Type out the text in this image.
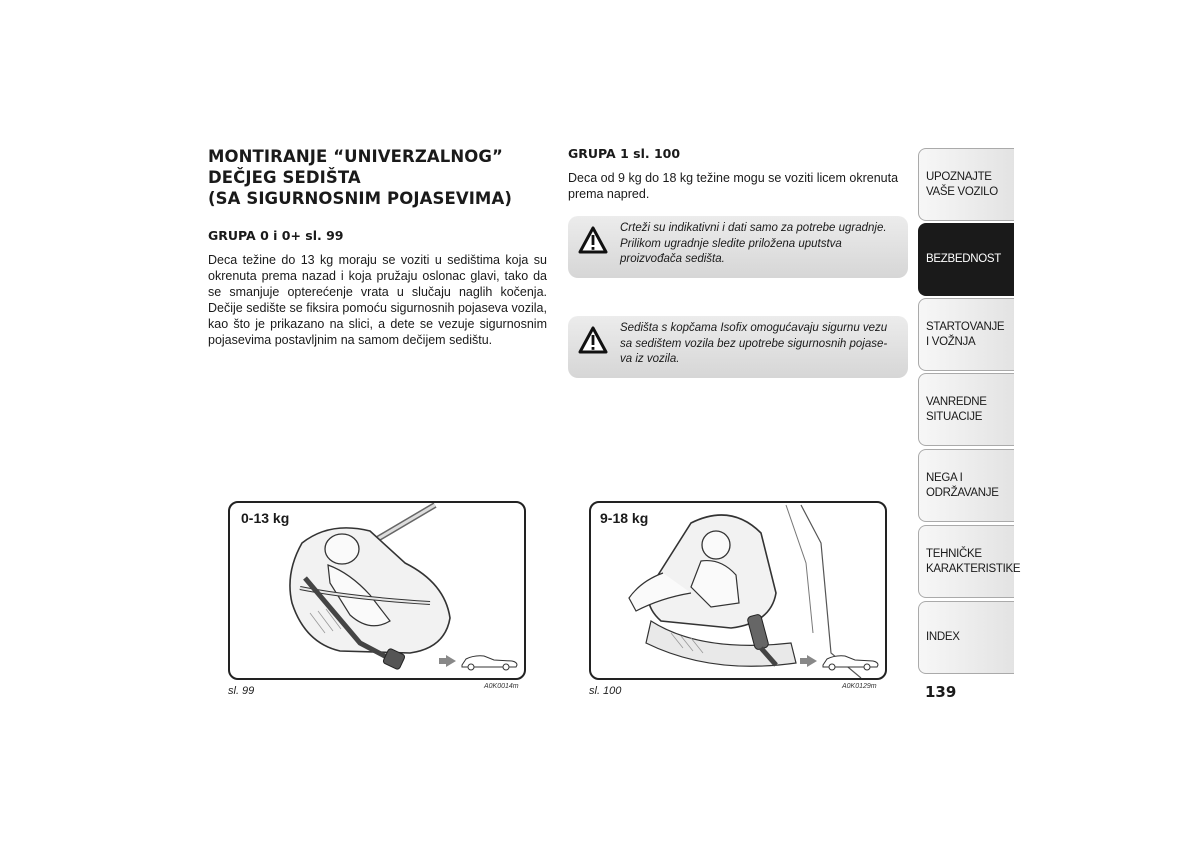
MONTIRANJE “UNIVERZALNOG”
DEČJEG SEDIŠTA
(SA SIGURNOSNIM POJASEVIMA)
GRUPA 0 i 0+ sl. 99

Deca težine do 13 kg moraju se voziti u sedištima koja su okrenuta prema nazad i koja pružaju oslonac glavi, tako da se smanjuje opterećenje vrata u slučaju naglih kočenja. Dečije sedište se fiksira pomoću sigurnosnih pojaseva vozila, kao što je prikazano na slici, a dete se vezuje sigurnosnim pojasevima postavljnim na samom dečijem sedištu.

GRUPA 1 sl. 100

Deca od 9 kg do 18 kg težine mogu se voziti licem okrenuta prema napred.

Crteži su indikativni i dati samo za potrebe ugradnje. Prilikom ugradnje sledite priložena uputstva proizvođača sedišta.

Sedišta s kopčama Isofix omogućavaju sigurnu vezu sa sedištem vozila bez upotrebe sigurnosnih pojase-va iz vozila.

0-13 kg
sl. 99	A0K0014m
9-18 kg
sl. 100	A0K0129m
UPOZNAJTE
VAŠE VOZILO
BEZBEDNOST
STARTOVANJE
I VOŽNJA
VANREDNE
SITUACIJE
NEGA I
ODRŽAVANJE
TEHNIČKE
KARAKTERISTIKE
INDEX
139
